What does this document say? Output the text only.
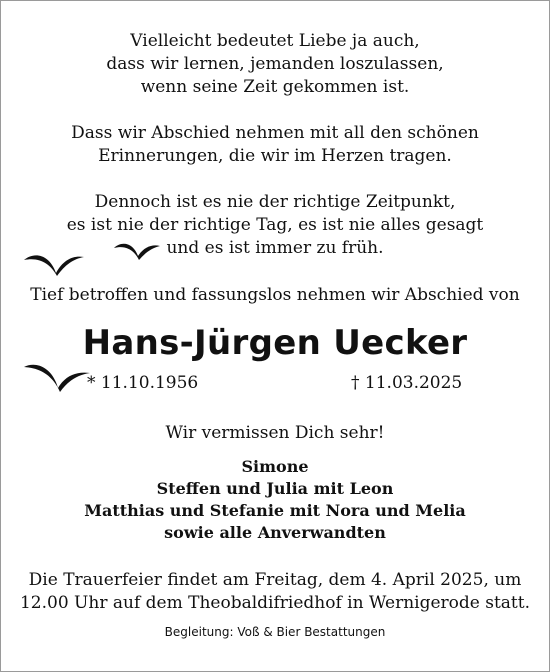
Vielleicht bedeutet Liebe ja auch,
dass wir lernen, jemanden loszulassen,
wenn seine Zeit gekommen ist.
Dass wir Abschied nehmen mit all den schönen
Erinnerungen, die wir im Herzen tragen.
Dennoch ist es nie der richtige Zeitpunkt,
es ist nie der richtige Tag, es ist nie alles gesagt
und es ist immer zu früh.
Tief betroffen und fassungslos nehmen wir Abschied von
Hans-Jürgen Uecker
* 11.10.1956	† 11.03.2025
Wir vermissen Dich sehr!
Simone
Steffen und Julia mit Leon
Matthias und Stefanie mit Nora und Melia
sowie alle Anverwandten
Die Trauerfeier findet am Freitag, dem 4. April 2025, um
12.00 Uhr auf dem Theobaldifriedhof in Wernigerode statt.
Begleitung: Voß & Bier Bestattungen
